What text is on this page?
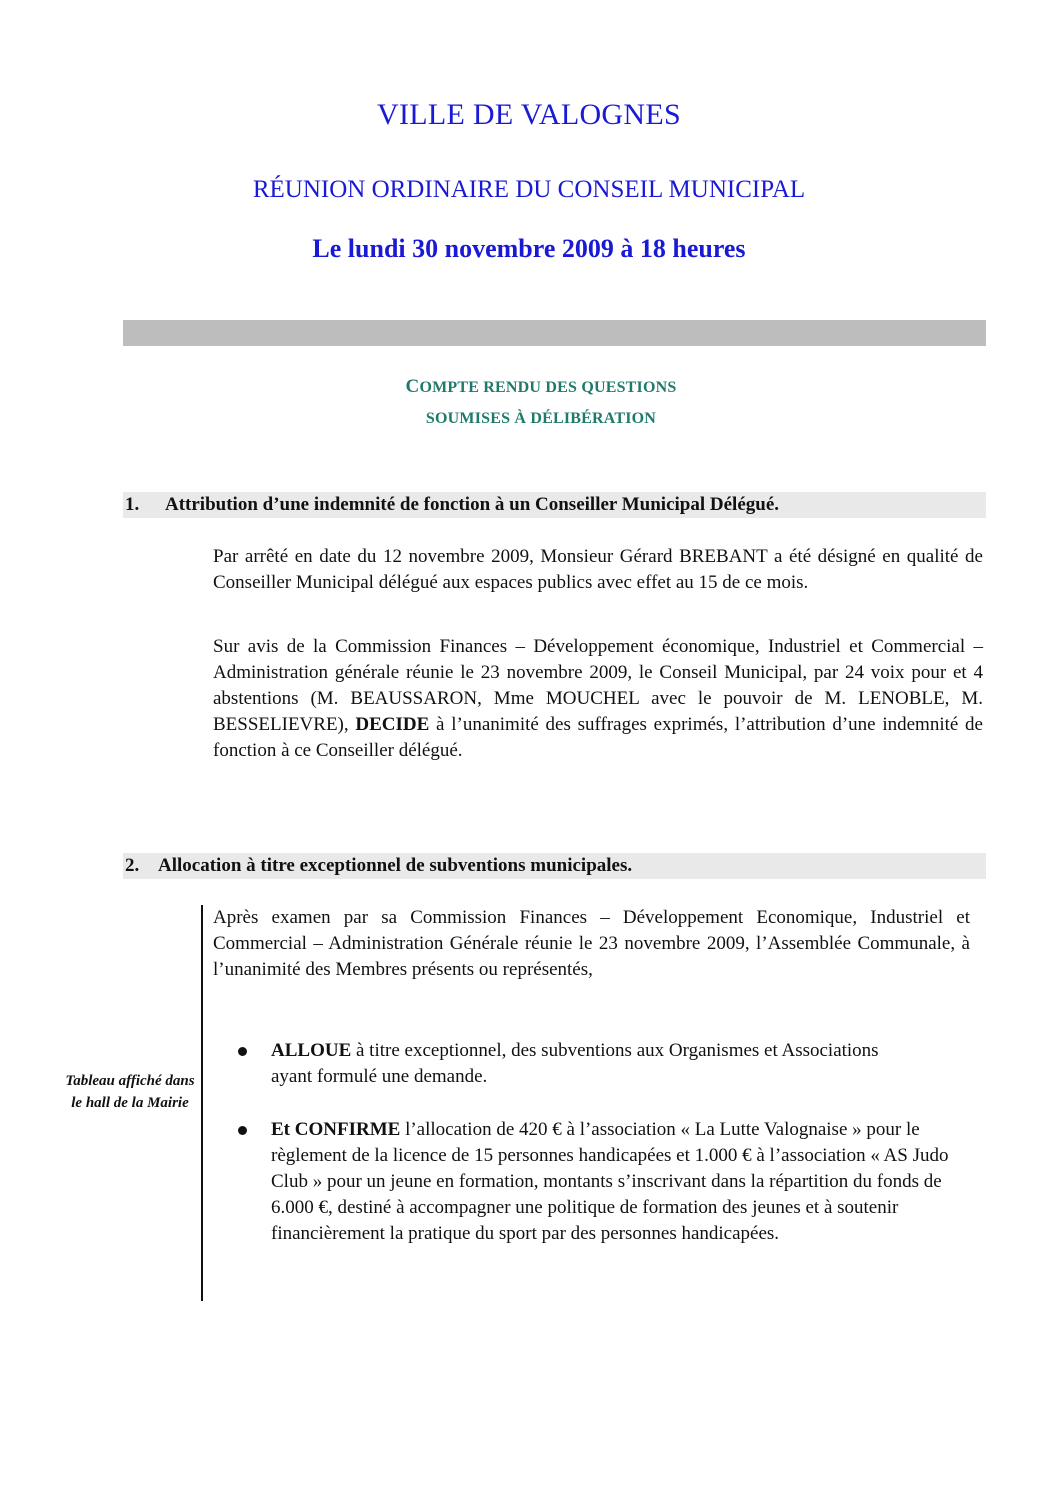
VILLE DE VALOGNES
RÉUNION ORDINAIRE DU CONSEIL MUNICIPAL
Le lundi 30 novembre 2009 à 18 heures
COMPTE RENDU DES QUESTIONS
SOUMISES À DÉLIBÉRATION
1. Attribution d’une indemnité de fonction à un Conseiller Municipal Délégué.

Par arrêté en date du 12 novembre 2009, Monsieur Gérard BREBANT a été désigné en qualité de Conseiller Municipal délégué aux espaces publics avec effet au 15 de ce mois.

Sur avis de la Commission Finances – Développement économique, Industriel et Commercial – Administration générale réunie le 23 novembre 2009, le Conseil Municipal, par 24 voix pour et 4 abstentions (M. BEAUSSARON, Mme MOUCHEL avec le pouvoir de M. LENOBLE, M. BESSELIEVRE), DECIDE à l’unanimité des suffrages exprimés, l’attribution d’une indemnité de fonction à ce Conseiller délégué.

2. Allocation à titre exceptionnel de subventions municipales.
Tableau affiché dans le hall de la Mairie

Après examen par sa Commission Finances – Développement Economique, Industriel et Commercial – Administration Générale réunie le 23 novembre 2009, l’Assemblée Communale, à l’unanimité des Membres présents ou représentés,

ALLOUE à titre exceptionnel, des subventions aux Organismes et Associations ayant formulé une demande.

Et CONFIRME l’allocation de 420 € à l’association « La Lutte Valognaise » pour le règlement de la licence de 15 personnes handicapées et 1.000 € à l’association « AS Judo Club » pour un jeune en formation, montants s’inscrivant dans la répartition du fonds de 6.000 €, destiné à accompagner une politique de formation des jeunes et à soutenir financièrement la pratique du sport par des personnes handicapées.
